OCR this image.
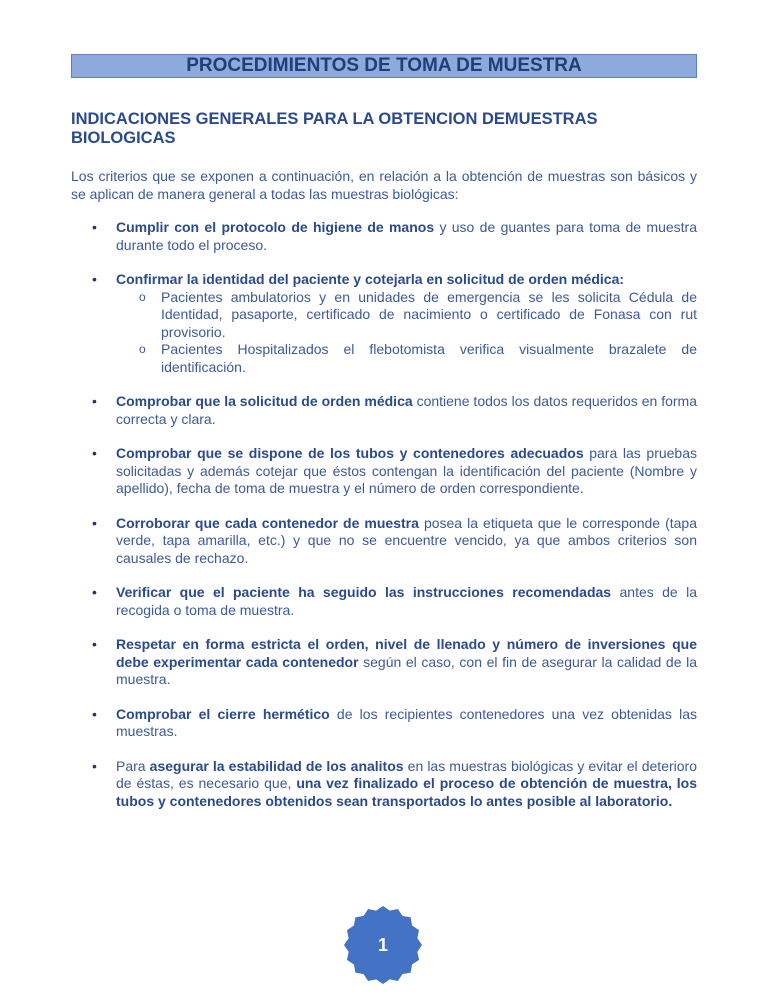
PROCEDIMIENTOS DE TOMA DE MUESTRA
INDICACIONES GENERALES PARA LA OBTENCION DEMUESTRAS BIOLOGICAS
Los criterios que se exponen a continuación, en relación a la obtención de muestras son básicos y se aplican de manera general a todas las muestras biológicas:
• Cumplir con el protocolo de higiene de manos y uso de guantes para toma de muestra durante todo el proceso.
• Confirmar la identidad del paciente y cotejarla en solicitud de orden médica:
o Pacientes ambulatorios y en unidades de emergencia se les solicita Cédula de Identidad, pasaporte, certificado de nacimiento o certificado de Fonasa con rut provisorio.
o Pacientes Hospitalizados el flebotomista verifica visualmente brazalete de identificación.
• Comprobar que la solicitud de orden médica contiene todos los datos requeridos en forma correcta y clara.
• Comprobar que se dispone de los tubos y contenedores adecuados para las pruebas solicitadas y además cotejar que éstos contengan la identificación del paciente (Nombre y apellido), fecha de toma de muestra y el número de orden correspondiente.
• Corroborar que cada contenedor de muestra posea la etiqueta que le corresponde (tapa verde, tapa amarilla, etc.) y que no se encuentre vencido, ya que ambos criterios son causales de rechazo.
• Verificar que el paciente ha seguido las instrucciones recomendadas antes de la recogida o toma de muestra.
• Respetar en forma estricta el orden, nivel de llenado y número de inversiones que debe experimentar cada contenedor según el caso, con el fin de asegurar la calidad de la muestra.
• Comprobar el cierre hermético de los recipientes contenedores una vez obtenidas las muestras.
• Para asegurar la estabilidad de los analitos en las muestras biológicas y evitar el deterioro de éstas, es necesario que, una vez finalizado el proceso de obtención de muestra, los tubos y contenedores obtenidos sean transportados lo antes posible al laboratorio.
1
